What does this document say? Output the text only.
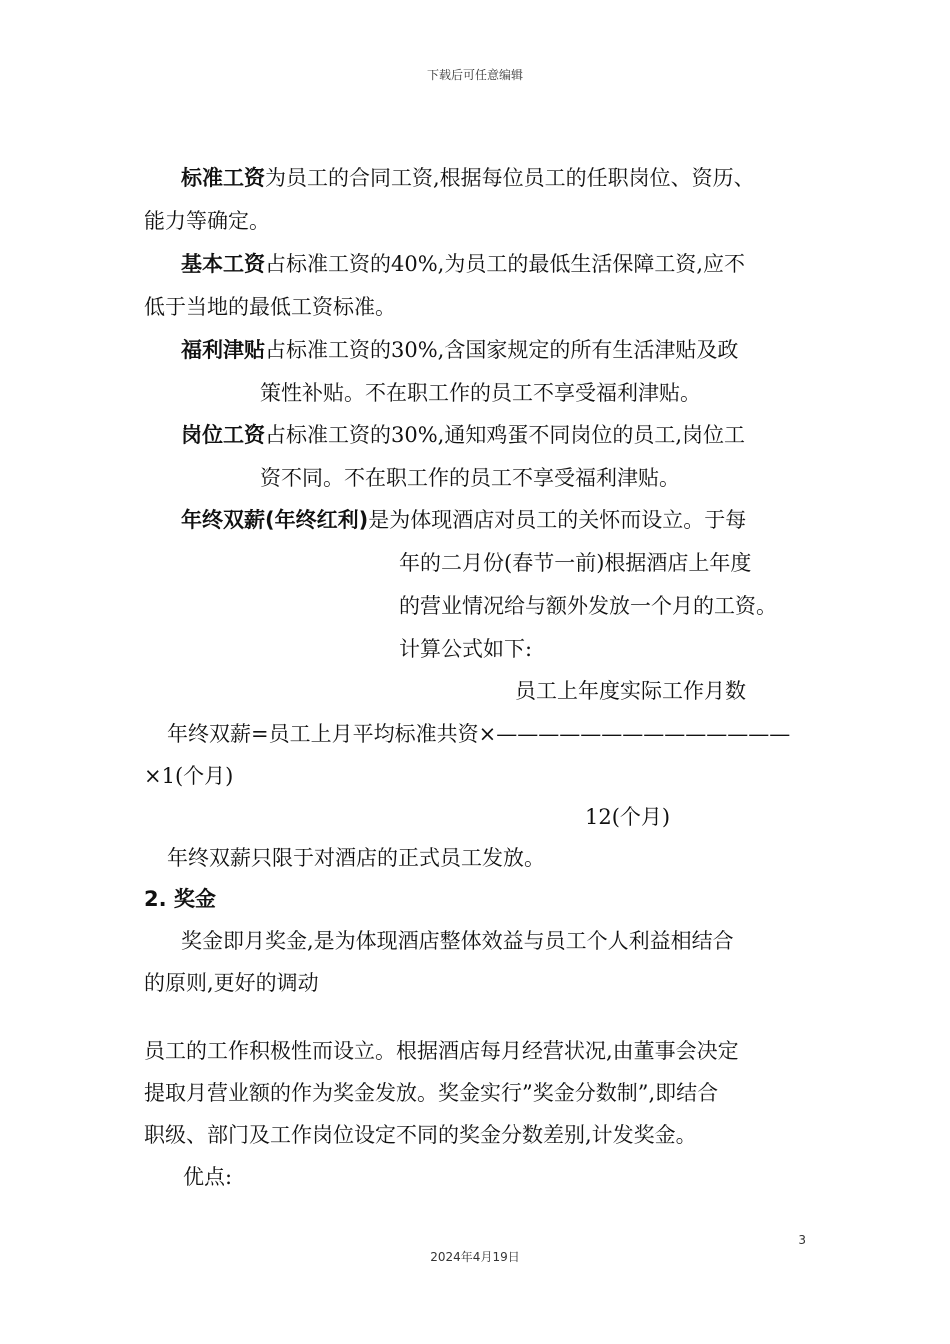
下载后可任意编辑
标准工资为员工的合同工资,根据每位员工的任职岗位、资历、
能力等确定。
基本工资占标准工资的40%,为员工的最低生活保障工资,应不
低于当地的最低工资标准。
福利津贴占标准工资的30%,含国家规定的所有生活津贴及政
策性补贴。不在职工作的员工不享受福利津贴。
岗位工资占标准工资的30%,通知鸡蛋不同岗位的员工,岗位工
资不同。不在职工作的员工不享受福利津贴。
年终双薪(年终红利)是为体现酒店对员工的关怀而设立。于每
年的二月份(春节一前)根据酒店上年度
的营业情况给与额外发放一个月的工资。
计算公式如下:
员工上年度实际工作月数
年终双薪=员工上月平均标准共资×——————————————
×1(个月)
12(个月)
年终双薪只限于对酒店的正式员工发放。
2. 奖金
奖金即月奖金,是为体现酒店整体效益与员工个人利益相结合
的原则,更好的调动
员工的工作积极性而设立。根据酒店每月经营状况,由董事会决定
提取月营业额的作为奖金发放。奖金实行”奖金分数制”,即结合
职级、部门及工作岗位设定不同的奖金分数差别,计发奖金。
优点:
3
2024年4月19日
